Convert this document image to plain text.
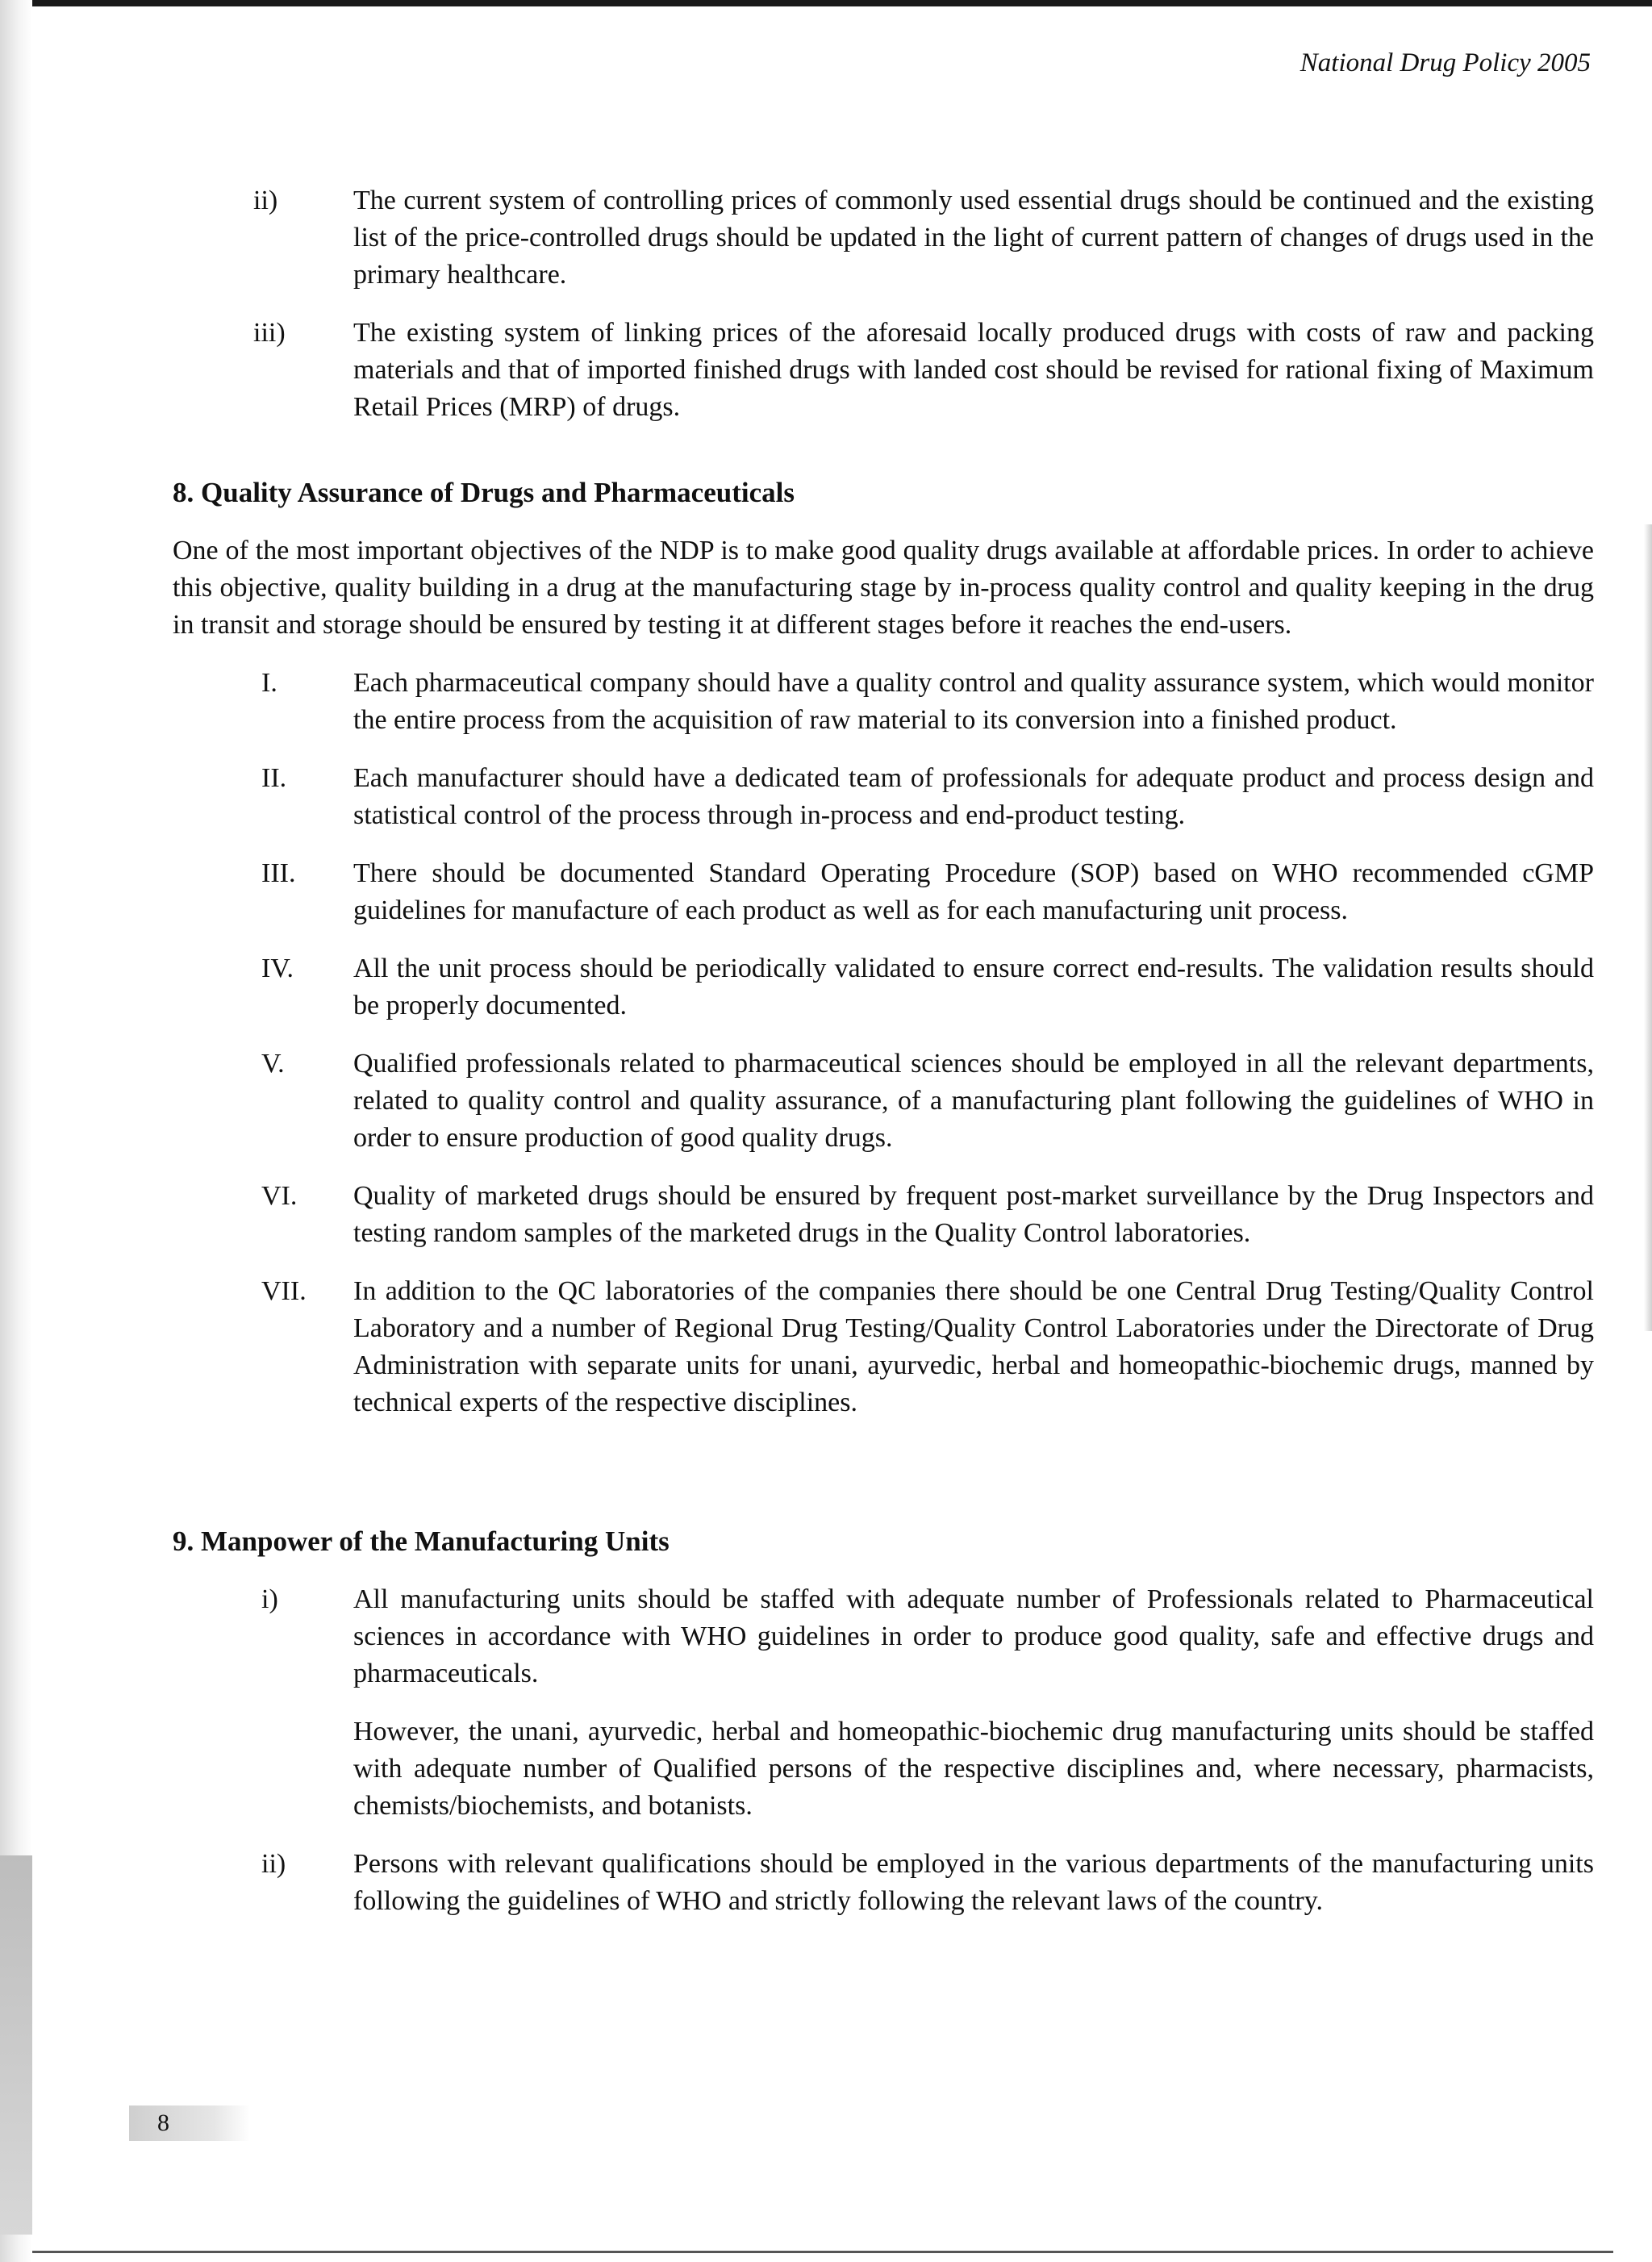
National Drug Policy 2005
ii)	The current system of controlling prices of commonly used essential drugs should be continued and the existing list of the price-controlled drugs should be updated in the light of current pattern of changes of drugs used in the primary healthcare.
iii)	The existing system of linking prices of the aforesaid locally produced drugs with costs of raw and packing materials and that of imported finished drugs with landed cost should be revised for rational fixing of Maximum Retail Prices (MRP) of drugs.
8. Quality Assurance of Drugs and Pharmaceuticals
One of the most important objectives of the NDP is to make good quality drugs available at affordable prices. In order to achieve this objective, quality building in a drug at the manufacturing stage by in-process quality control and quality keeping in the drug in transit and storage should be ensured by testing it at different stages before it reaches the end-users.
I.	Each pharmaceutical company should have a quality control and quality assurance system, which would monitor the entire process from the acquisition of raw material to its conversion into a finished product.
II.	Each manufacturer should have a dedicated team of professionals for adequate product and process design and statistical control of the process through in-process and end-product testing.
III.	There should be documented Standard Operating Procedure (SOP) based on WHO recommended cGMP guidelines for manufacture of each product as well as for each manufacturing unit process.
IV.	All the unit process should be periodically validated to ensure correct end-results. The validation results should be properly documented.
V.	Qualified professionals related to pharmaceutical sciences should be employed in all the relevant departments, related to quality control and quality assurance, of a manufacturing plant following the guidelines of WHO in order to ensure production of good quality drugs.
VI.	Quality of marketed drugs should be ensured by frequent post-market surveillance by the Drug Inspectors and testing random samples of the marketed drugs in the Quality Control laboratories.
VII.	In addition to the QC laboratories of the companies there should be one Central Drug Testing/Quality Control Laboratory and a number of Regional Drug Testing/Quality Control Laboratories under the Directorate of Drug Administration with separate units for unani, ayurvedic, herbal and homeopathic-biochemic drugs, manned by technical experts of the respective disciplines.
9. Manpower of the Manufacturing Units
i)	All manufacturing units should be staffed with adequate number of Professionals related to Pharmaceutical sciences in accordance with WHO guidelines in order to produce good quality, safe and effective drugs and pharmaceuticals.

However, the unani, ayurvedic, herbal and homeopathic-biochemic drug manufacturing units should be staffed with adequate number of Qualified persons of the respective disciplines and, where necessary, pharmacists, chemists/biochemists, and botanists.

ii)	Persons with relevant qualifications should be employed in the various departments of the manufacturing units following the guidelines of WHO and strictly following the relevant laws of the country.

8
